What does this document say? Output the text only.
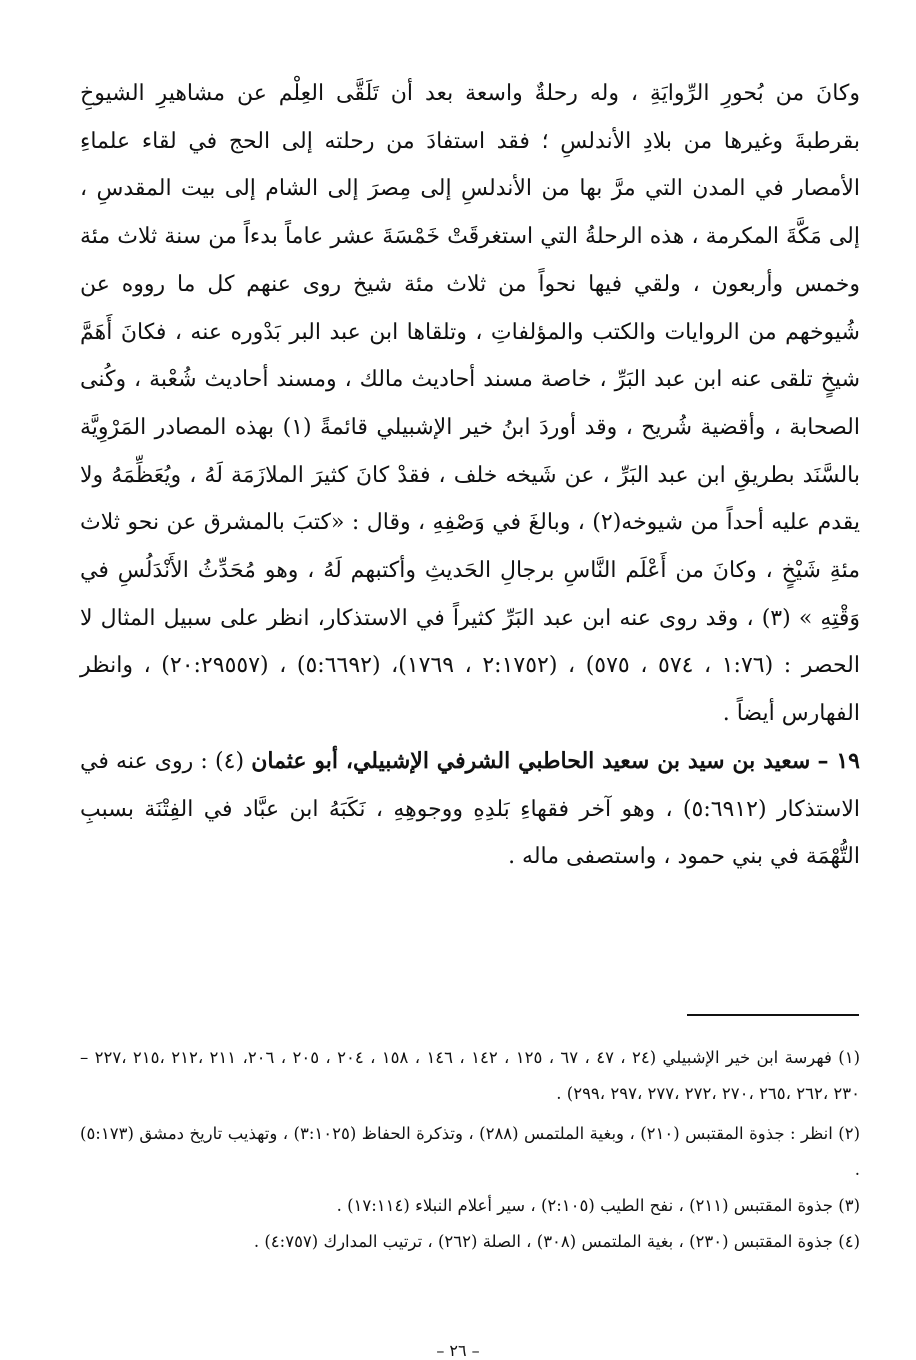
وكانَ من بُحورِ الرِّوايَةِ ، وله رحلةٌ واسعة بعد أن تَلَقَّى العِلْم عن مشاهيرِ الشيوخِ بقرطبةَ وغيرها من بلادِ الأندلسِ ؛ فقد استفادَ من رحلته إلى الحج في لقاء علماءِ الأمصار في المدن التي مرَّ بها من الأندلسِ إلى مِصرَ إلى الشام إلى بيت المقدسِ ، إلى مَكَّةَ المكرمة ، هذه الرحلةُ التي استغرقَتْ خَمْسَةَ عشر عاماً بدءاً من سنة ثلاث مئة وخمس وأربعون ، ولقي فيها نحواً من ثلاث مئة شيخ روى عنهم كل ما رووه عن شُيوخهم من الروايات والكتب والمؤلفاتِ ، وتلقاها ابن عبد البر بَدْوره عنه ، فكانَ أَهَمَّ شيخٍ تلقى عنه ابن عبد البَرِّ ، خاصة مسند أحاديث مالك ، ومسند أحاديث شُعْبة ، وكُنى الصحابة ، وأقضية شُريح ، وقد أوردَ ابنُ خير الإشبيلي قائمةً (١) بهذه المصادر المَرْوِيَّة بالسَّنَد بطريقِ ابن عبد البَرِّ ، عن شَيخه خلف ، فقدْ كانَ كثيرَ الملازَمَة لَهُ ، ويُعَظِّمَهُ ولا يقدم عليه أحداً من شيوخه(٢) ، وبالغَ في وَصْفِهِ ، وقال : «كتبَ بالمشرق عن نحو ثلاث مئةِ شَيْخٍ ، وكانَ من أَعْلَم النَّاسِ برجالِ الحَديثِ وأكتبهم لَهُ ، وهو مُحَدِّثُ الأَنْدَلُسِ في وَقْتِهِ » (٣) ، وقد روى عنه ابن عبد البَرِّ كثيراً في الاستذكار، انظر على سبيل المثال لا الحصر : (١:٧٦ ، ٥٧٤ ، ٥٧٥) ، (٢:١٧٥٢ ، ١٧٦٩)، (٥:٦٦٩٢) ، (٢٠:٢٩٥٥٧) ، وانظر الفهارس أيضاً .

١٩ – سعيد بن سيد بن سعيد الحاطبي الشرفي الإشبيلي، أبو عثمان (٤) : روى عنه في الاستذكار (٥:٦٩١٢) ، وهو آخر فقهاءِ بَلدِهِ ووجوهِهِ ، نَكَبَهُ ابن عبَّاد في الفِتْنَة بسببِ التُّهْمَة في بني حمود ، واستصفى ماله .

(١) فهرسة ابن خير الإشبيلي (٢٤ ، ٤٧ ، ٦٧ ، ١٢٥ ، ١٤٢ ، ١٤٦ ، ١٥٨ ، ٢٠٤ ، ٢٠٥ ، ٢٠٦، ٢١١ ،٢١٢ ،٢١٥ ،٢٢٧ – ٢٣٠ ،٢٦٢ ،٢٦٥ ،٢٧٠ ،٢٧٢ ،٢٧٧ ،٢٩٧ ،٢٩٩) .

(٢) انظر : جذوة المقتبس (٢١٠) ، وبغية الملتمس (٢٨٨) ، وتذكرة الحفاظ (٣:١٠٢٥) ، وتهذيب تاريخ دمشق (٥:١٧٣) .

(٣) جذوة المقتبس (٢١١) ، نفح الطيب (٢:١٠٥) ، سير أعلام النبلاء (١٧:١١٤) .

(٤) جذوة المقتبس (٢٣٠) ، بغية الملتمس (٣٠٨) ، الصلة (٢٦٢) ، ترتيب المدارك (٤:٧٥٧) .

– ٢٦ –
